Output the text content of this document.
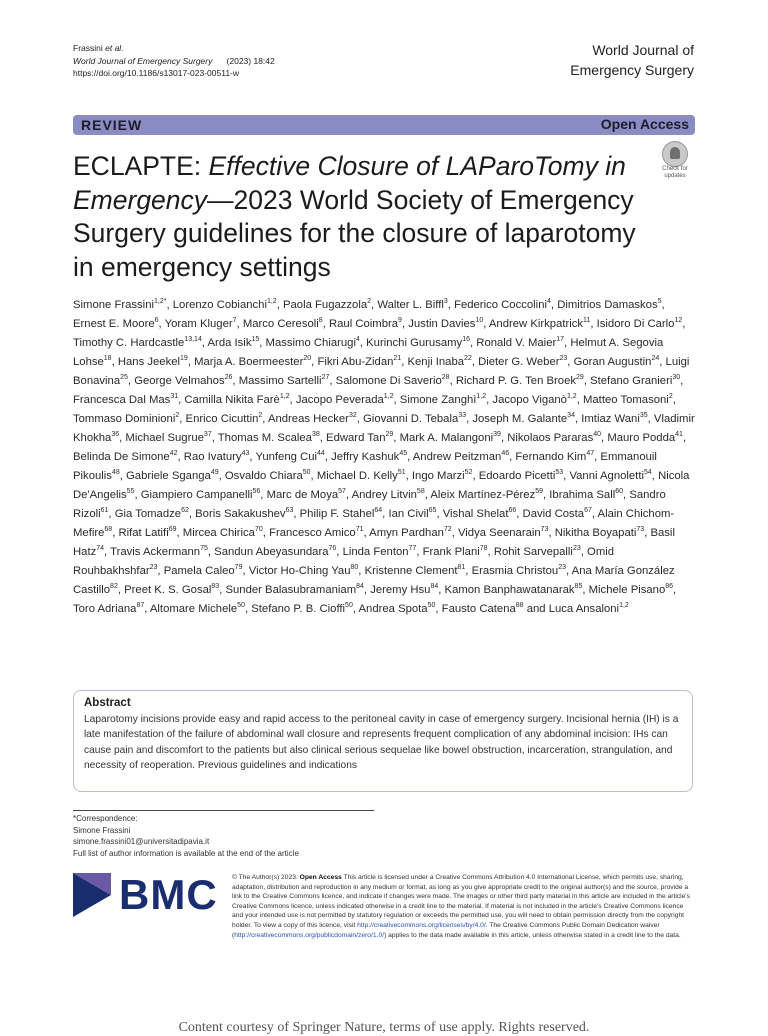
Frassini et al.
World Journal of Emergency Surgery (2023) 18:42
https://doi.org/10.1186/s13017-023-00511-w
World Journal of
Emergency Surgery
REVIEW	Open Access
ECLAPTE: Effective Closure of LAParoTomy in Emergency—2023 World Society of Emergency Surgery guidelines for the closure of laparotomy in emergency settings
Check for
updates

Simone Frassini$^{1,2*}$, Lorenzo Cobianchi$^{1,2}$, Paola Fugazzola$^2$, Walter L. Biffl$^3$, Federico Coccolini$^4$, Dimitrios Damaskos$^5$, Ernest E. Moore$^6$, Yoram Kluger$^7$, Marco Ceresoli$^8$, Raul Coimbra$^9$, Justin Davies$^{10}$, Andrew Kirkpatrick$^{11}$, Isidoro Di Carlo$^{12}$, Timothy C. Hardcastle$^{13,14}$, Arda Isik$^{15}$, Massimo Chiarugi$^4$, Kurinchi Gurusamy$^{16}$, Ronald V. Maier$^{17}$, Helmut A. Segovia Lohse$^{18}$, Hans Jeekel$^{19}$, Marja A. Boermeester$^{20}$, Fikri Abu-Zidan$^{21}$, Kenji Inaba$^{22}$, Dieter G. Weber$^{23}$, Goran Augustin$^{24}$, Luigi Bonavina$^{25}$, George Velmahos$^{26}$, Massimo Sartelli$^{27}$, Salomone Di Saverio$^{28}$, Richard P. G. Ten Broek$^{29}$, Stefano Granieri$^{30}$, Francesca Dal Mas$^{31}$, Camilla Nikita Farè$^{1,2}$, Jacopo Peverada$^{1,2}$, Simone Zanghì$^{1,2}$, Jacopo Viganò$^{1,2}$, Matteo Tomasoni$^2$, Tommaso Dominioni$^2$, Enrico Cicuttin$^2$, Andreas Hecker$^{32}$, Giovanni D. Tebala$^{33}$, Joseph M. Galante$^{34}$, Imtiaz Wani$^{35}$, Vladimir Khokha$^{36}$, Michael Sugrue$^{37}$, Thomas M. Scalea$^{38}$, Edward Tan$^{29}$, Mark A. Malangoni$^{39}$, Nikolaos Pararas$^{40}$, Mauro Podda$^{41}$, Belinda De Simone$^{42}$, Rao Ivatury$^{43}$, Yunfeng Cui$^{44}$, Jeffry Kashuk$^{45}$, Andrew Peitzman$^{46}$, Fernando Kim$^{47}$, Emmanouil Pikoulis$^{48}$, Gabriele Sganga$^{49}$, Osvaldo Chiara$^{50}$, Michael D. Kelly$^{51}$, Ingo Marzi$^{52}$, Edoardo Picetti$^{53}$, Vanni Agnoletti$^{54}$, Nicola De'Angelis$^{55}$, Giampiero Campanelli$^{56}$, Marc de Moya$^{57}$, Andrey Litvin$^{58}$, Aleix Martínez-Pérez$^{59}$, Ibrahima Sall$^{60}$, Sandro Rizoli$^{61}$, Gia Tomadze$^{62}$, Boris Sakakushev$^{63}$, Philip F. Stahel$^{64}$, Ian Civil$^{65}$, Vishal Shelat$^{66}$, David Costa$^{67}$, Alain Chichom-Mefire$^{68}$, Rifat Latifi$^{69}$, Mircea Chirica$^{70}$, Francesco Amico$^{71}$, Amyn Pardhan$^{72}$, Vidya Seenarain$^{73}$, Nikitha Boyapati$^{73}$, Basil Hatz$^{74}$, Travis Ackermann$^{75}$, Sandun Abeyasundara$^{76}$, Linda Fenton$^{77}$, Frank Plani$^{78}$, Rohit Sarvepalli$^{23}$, Omid Rouhbakhshfar$^{23}$, Pamela Caleo$^{79}$, Victor Ho-Ching Yau$^{80}$, Kristenne Clement$^{81}$, Erasmia Christou$^{23}$, Ana María González Castillo$^{82}$, Preet K. S. Gosal$^{83}$, Sunder Balasubramaniam$^{84}$, Jeremy Hsu$^{84}$, Kamon Banphawatanarak$^{85}$, Michele Pisano$^{86}$, Toro Adriana$^{87}$, Altomare Michele$^{50}$, Stefano P. B. Cioffi$^{50}$, Andrea Spota$^{50}$, Fausto Catena$^{88}$ and Luca Ansaloni$^{1,2}$

Abstract

Laparotomy incisions provide easy and rapid access to the peritoneal cavity in case of emergency surgery. Incisional hernia (IH) is a late manifestation of the failure of abdominal wall closure and represents frequent complication of any abdominal incision: IHs can cause pain and discomfort to the patients but also clinical serious sequelae like bowel obstruction, incarceration, strangulation, and necessity of reoperation. Previous guidelines and indications

*Correspondence:
Simone Frassini
simone.frassini01@universitadipavia.it
Full list of author information is available at the end of the article
BMC © The Author(s) 2023. Open Access This article is licensed under a Creative Commons Attribution 4.0 International License, which permits use, sharing, adaptation, distribution and reproduction in any medium or format, as long as you give appropriate credit to the original author(s) and the source, provide a link to the Creative Commons licence, and indicate if changes were made. The images or other third party material in this article are included in the article's Creative Commons licence, unless indicated otherwise in a credit line to the material. If material is not included in the article's Creative Commons licence and your intended use is not permitted by statutory regulation or exceeds the permitted use, you will need to obtain permission directly from the copyright holder. To view a copy of this licence, visit http://creativecommons.org/licenses/by/4.0/. The Creative Commons Public Domain Dedication waiver (http://creativecommons.org/publicdomain/zero/1.0/) applies to the data made available in this article, unless otherwise stated in a credit line to the data.

Content courtesy of Springer Nature, terms of use apply. Rights reserved.
